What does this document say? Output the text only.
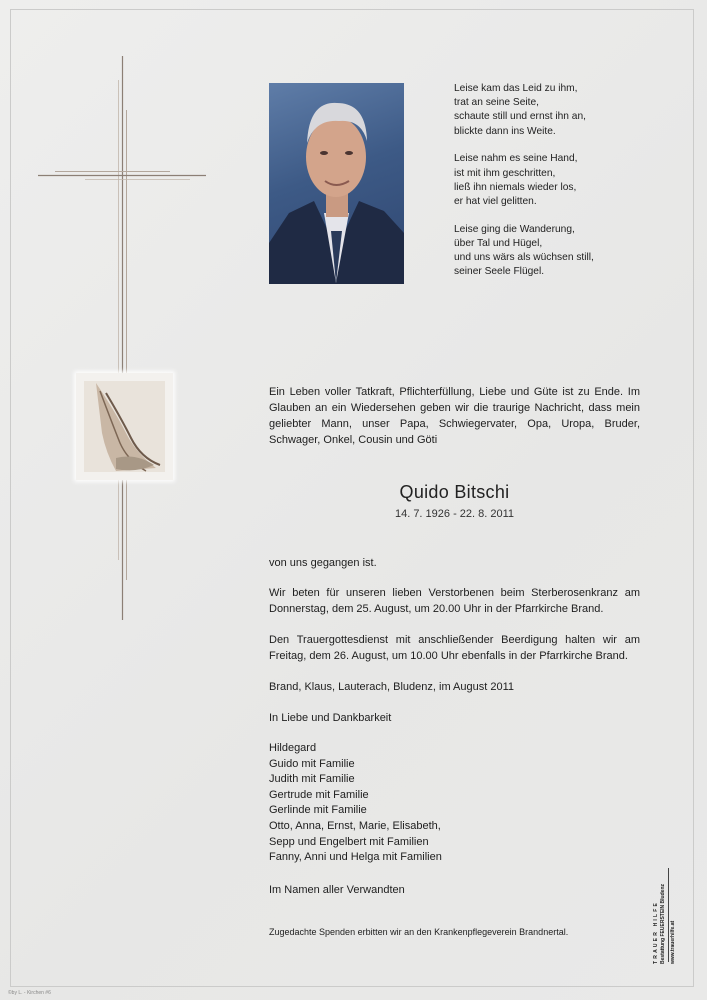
Leise kam das Leid zu ihm,
trat an seine Seite,
schaute still und ernst ihn an,
blickte dann ins Weite.
Leise nahm es seine Hand,
ist mit ihm geschritten,
ließ ihn niemals wieder los,
er hat viel gelitten.
Leise ging die Wanderung,
über Tal und Hügel,
und uns wärs als wüchsen still,
seiner Seele Flügel.
Ein Leben voller Tatkraft, Pflichterfüllung, Liebe und Güte ist zu Ende. Im Glauben an ein Wiedersehen geben wir die traurige Nachricht, dass mein geliebter Mann, unser Papa, Schwiegervater, Opa, Uropa, Bruder, Schwager, Onkel, Cousin und Göti
Quido Bitschi
14. 7. 1926 - 22. 8. 2011
von uns gegangen ist.
Wir beten für unseren lieben Verstorbenen beim Sterberosenkranz am Donnerstag, dem 25. August, um 20.00 Uhr in der Pfarrkirche Brand.
Den Trauergottesdienst mit anschließender Beerdigung halten wir am Freitag, dem 26. August, um 10.00 Uhr ebenfalls in der Pfarrkirche Brand.
Brand, Klaus, Lauterach, Bludenz, im August 2011
In Liebe und Dankbarkeit
Hildegard
Guido mit Familie
Judith mit Familie
Gertrude mit Familie
Gerlinde mit Familie
Otto, Anna, Ernst, Marie, Elisabeth,
Sepp und Engelbert mit Familien
Fanny, Anni und Helga mit Familien
Im Namen aller Verwandten
Zugedachte Spenden erbitten wir an den Krankenpflegeverein Brandnertal.	TRAUER HILFE Bestattung FEUERSTEIN Bludenz www.trauerhilfe.at
©by L. - Kirchen #6
